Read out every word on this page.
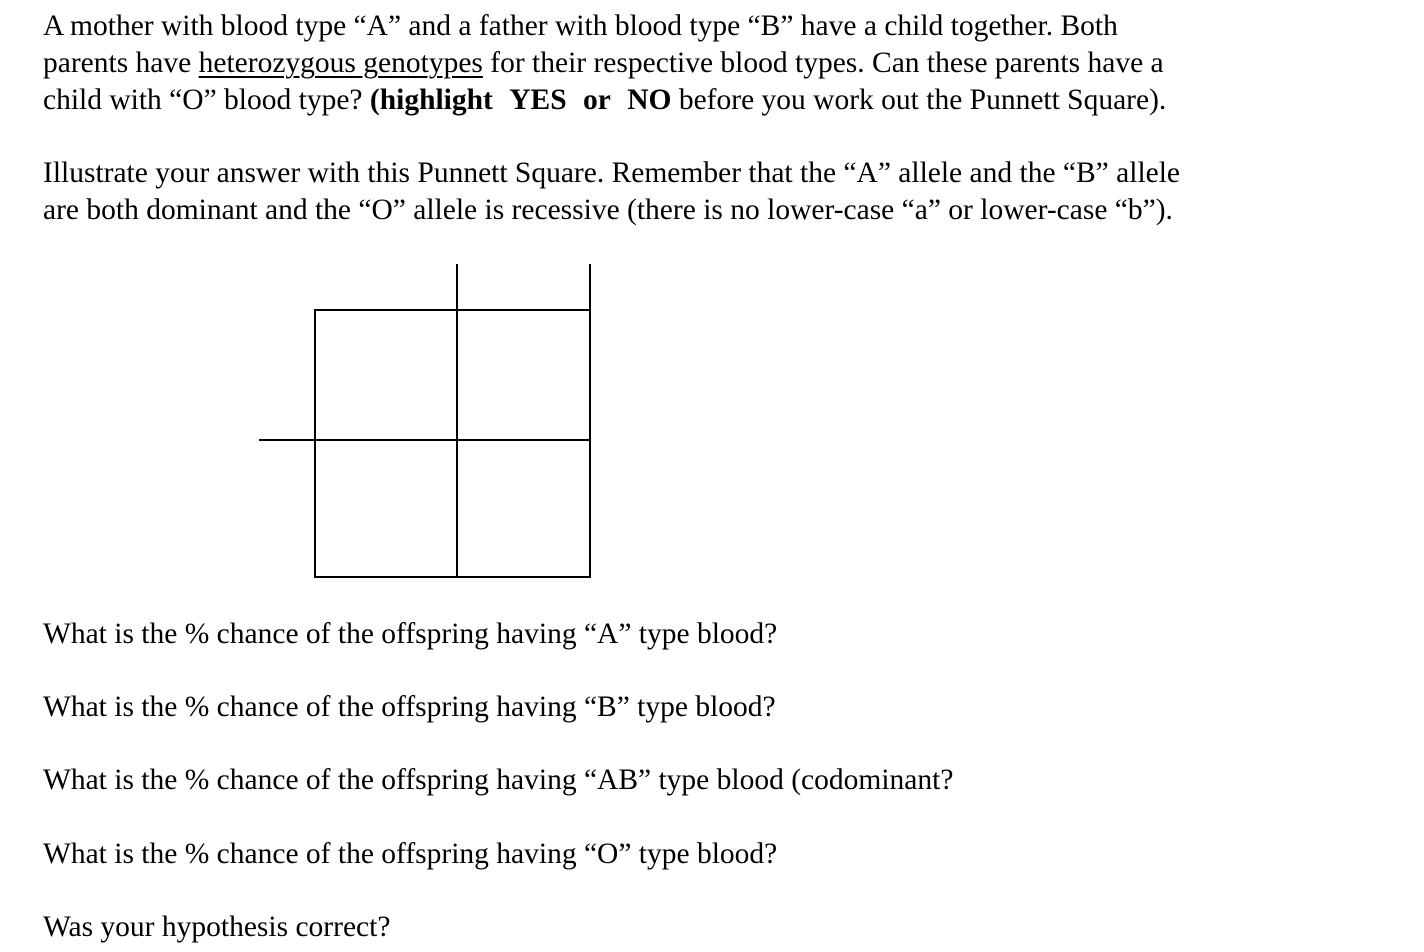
A mother with blood type “A” and a father with blood type “B” have a child together. Both
parents have heterozygous genotypes for their respective blood types. Can these parents have a
child with “O” blood type? (highlight YES or NO before you work out the Punnett Square).
Illustrate your answer with this Punnett Square. Remember that the “A” allele and the “B” allele
are both dominant and the “O” allele is recessive (there is no lower-case “a” or lower-case “b”).

What is the % chance of the offspring having “A” type blood?

What is the % chance of the offspring having “B” type blood?

What is the % chance of the offspring having “AB” type blood (codominant?

What is the % chance of the offspring having “O” type blood?

Was your hypothesis correct?
